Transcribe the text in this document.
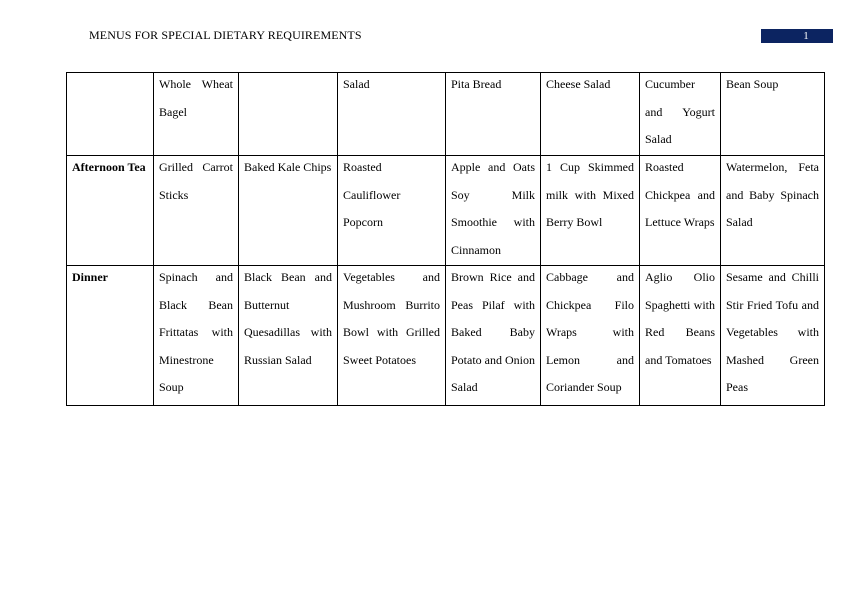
MENUS FOR SPECIAL DIETARY REQUIREMENTS	1

	Whole Wheat Bagel		Salad	Pita Bread	Cheese Salad	Cucumber and Yogurt Salad	Bean Soup

Afternoon Tea	Grilled Carrot Sticks	Baked Kale Chips	Roasted Cauliflower Popcorn	Apple and Oats Soy Milk Smoothie with Cinnamon	1 Cup Skimmed milk with Mixed Berry Bowl	Roasted Chickpea and Lettuce Wraps	Watermelon, Feta and Baby Spinach Salad

Dinner	Spinach and Black Bean Frittatas with Minestrone Soup	Black Bean and Butternut Quesadillas with Russian Salad	Vegetables and Mushroom Burrito Bowl with Grilled Sweet Potatoes	Brown Rice and Peas Pilaf with Baked Baby Potato and Onion Salad	Cabbage and Chickpea Filo Wraps with Lemon and Coriander Soup	Aglio Olio Spaghetti with Red Beans and Tomatoes	Sesame and Chilli Stir Fried Tofu and Vegetables with Mashed Green Peas
